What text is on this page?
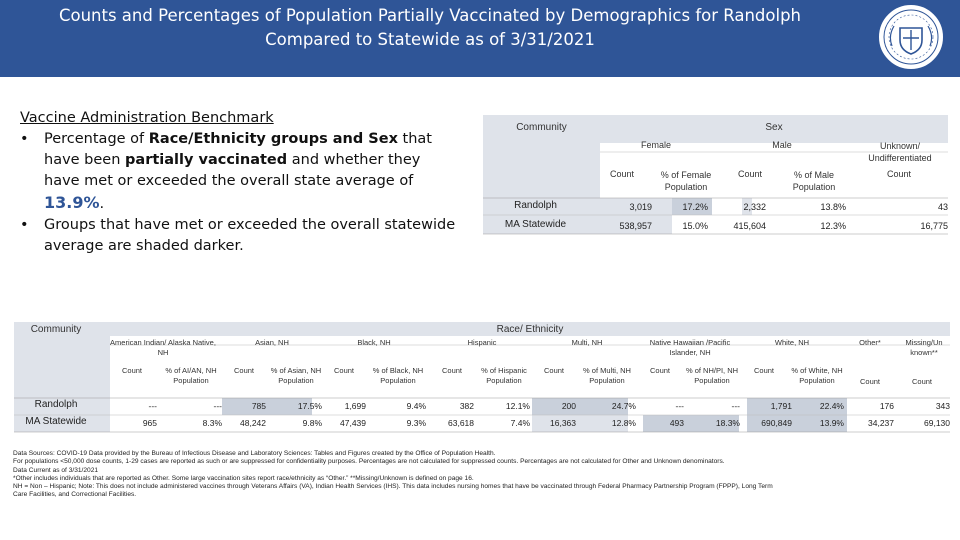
Counts and Percentages of Population Partially Vaccinated by Demographics for Randolph
Compared to Statewide as of 3/31/2021
Vaccine Administration Benchmark
• Percentage of Race/Ethnicity groups and Sex that have been partially vaccinated and whether they have met or exceeded the overall state average of 13.9%.
• Groups that have met or exceeded the overall statewide average are shaded darker.
Community	Sex
Female	Male	Unknown/ Undifferentiated
Count	% of Female Population
Count	% of Male Population
Count
Randolph	3,019	17.2%	2,332	13.8%	43
MA Statewide	538,957	15.0%	415,604	12.3%	16,775
Community	Race/ Ethnicity
American Indian/ Alaska Native, NH
Asian, NH	Black, NH	Hispanic	Multi, NH	Native Hawaiian /Pacific Islander, NH
White, NH	Other*	Missing/Un known**
Count	% of AI/AN, NH Population
Count	% of Asian, NH Population
Count	% of Black, NH Population
Count	% of Hispanic Population
Count	% of Multi, NH Population
Count	% of NH/PI, NH Population
Count	% of White, NH Population	Count	Count
Randolph	---	---	785	17.5%	1,699	9.4%	382	12.1%	200	24.7%	---	---	1,791	22.4%	176	343
MA Statewide	965	8.3%	48,242	9.8%	47,439	9.3%	63,618	7.4%	16,363	12.8%	493	18.3%	690,849	13.9%	34,237	69,130
Data Sources: COVID-19 Data provided by the Bureau of Infectious Disease and Laboratory Sciences: Tables and Figures created by the Office of Population Health.
For populations <50,000 dose counts, 1-29 cases are reported as such or are suppressed for confidentiality purposes. Percentages are not calculated for suppressed counts. Percentages are not calculated for Other and Unknown denominators.
Data Current as of 3/31/2021
*Other includes individuals that are reported as Other. Some large vaccination sites report race/ethnicity as “Other.” **Missing/Unknown is defined on page 16.
NH = Non – Hispanic; Note: This does not include administered vaccines through Veterans Affairs (VA), Indian Health Services (IHS). This data includes nursing homes that have be vaccinated through Federal Pharmacy Partnership Program (FPPP), Long Term
Care Facilities, and Correctional Facilities.
